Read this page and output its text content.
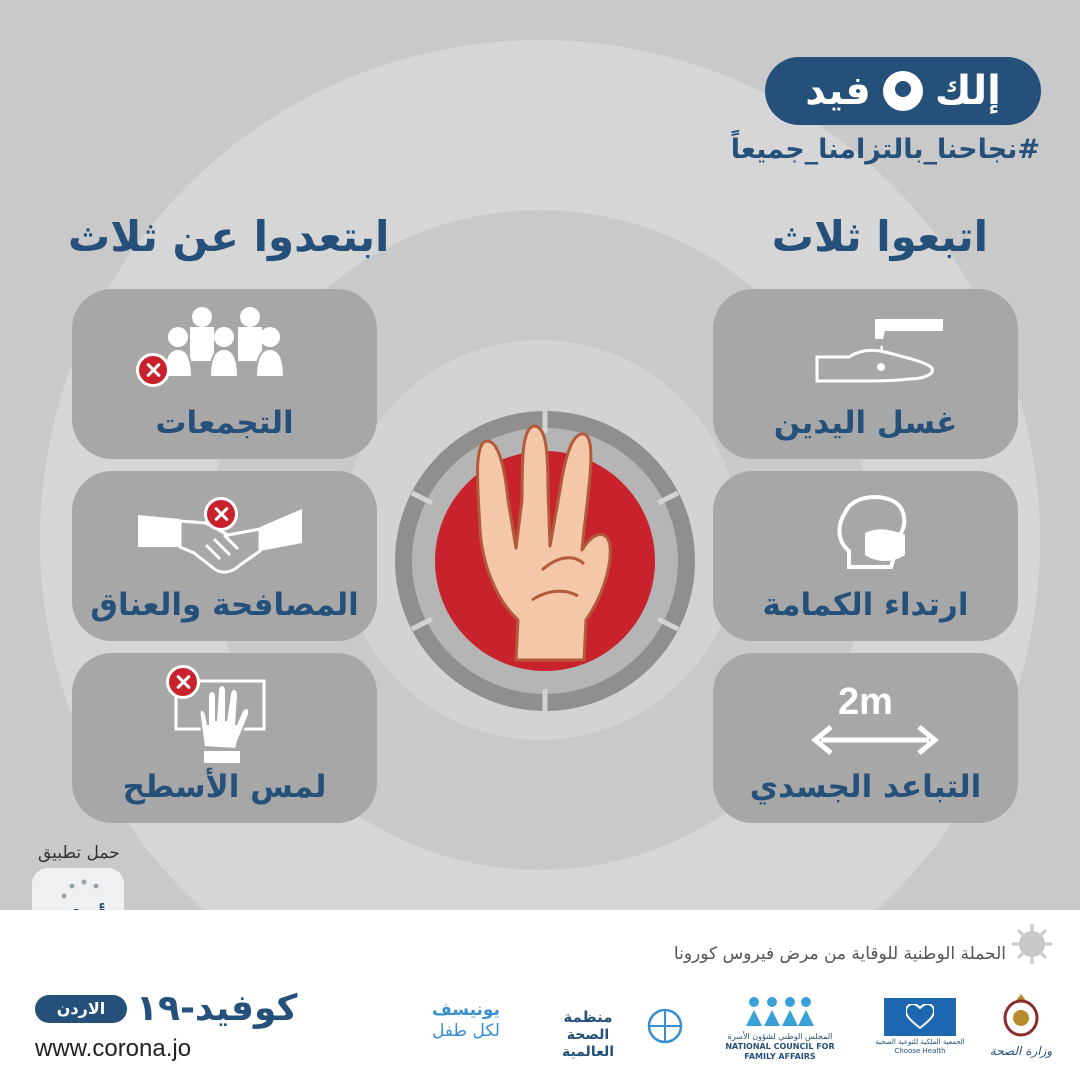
إلك
فيد
#نجاحنا_بالتزامنا_جميعاً
اتبعوا ثلاث
ابتعدوا عن ثلاث
غسل اليدين
ارتداء الكمامة
2m
التباعد الجسدي
التجمعات
المصافحة والعناق
لمس الأسطح
حمل تطبيق
الحملة الوطنية للوقاية من مرض فيروس كورونا
كوفيد-١٩
الاردن
www.corona.jo
يونيسف
لكل طفل
منظمة
الصحة العالمية
المجلس الوطني لشؤون الأسرة
NATIONAL COUNCIL FOR FAMILY AFFAIRS
الجمعية الملكية للتوعية الصحية
Choose Health	وزارة الصحة
